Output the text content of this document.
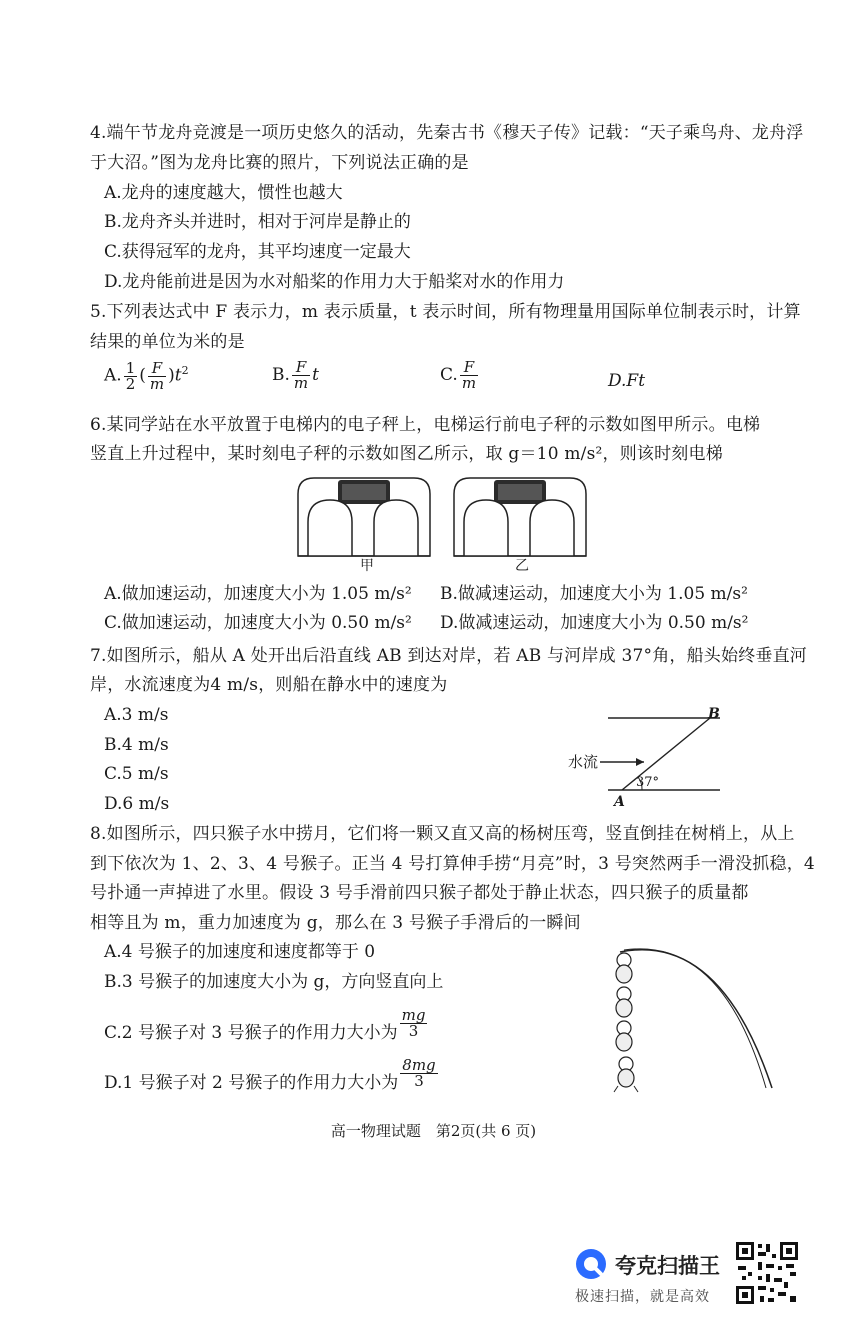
4.端午节龙舟竞渡是一项历史悠久的活动，先秦古书《穆天子传》记载：“天子乘鸟舟、龙舟浮
于大沼。”图为龙舟比赛的照片，下列说法正确的是
A.龙舟的速度越大，惯性也越大
B.龙舟齐头并进时，相对于河岸是静止的
C.获得冠军的龙舟，其平均速度一定最大
D.龙舟能前进是因为水对船桨的作用力大于船桨对水的作用力
5.下列表达式中 F 表示力，m 表示质量，t 表示时间，所有物理量用国际单位制表示时，计算
结果的单位为米的是
A. $\frac{1}{2}$ ( $\frac{F}{m} )t^2$	B. $\frac{F}{m}$ t	C. $\frac{F}{m}$	D.Ft
6.某同学站在水平放置于电梯内的电子秤上，电梯运行前电子秤的示数如图甲所示。电梯
竖直上升过程中，某时刻电子秤的示数如图乙所示，取 g＝10 m/s²，则该时刻电梯
甲	乙
A.做加速运动，加速度大小为 1.05 m/s² B.做减速运动，加速度大小为 1.05 m/s²
C.做加速运动，加速度大小为 0.50 m/s² D.做减速运动，加速度大小为 0.50 m/s²
7.如图所示，船从 A 处开出后沿直线 AB 到达对岸，若 AB 与河岸成 37°角，船头始终垂直河
岸，水流速度为4 m/s，则船在静水中的速度为
A.3 m/s
B.4 m/s
C.5 m/s
D.6 m/s
水流
37°
A
B
8.如图所示，四只猴子水中捞月，它们将一颗又直又高的杨树压弯，竖直倒挂在树梢上，从上
到下依次为 1、2、3、4 号猴子。正当 4 号打算伸手捞“月亮”时，3 号突然两手一滑没抓稳，4
号扑通一声掉进了水里。假设 3 号手滑前四只猴子都处于静止状态，四只猴子的质量都
相等且为 m，重力加速度为 g，那么在 3 号猴子手滑后的一瞬间
A.4 号猴子的加速度和速度都等于 0
B.3 号猴子的加速度大小为 g，方向竖直向上
C.2 号猴子对 3 号猴子的作用力大小为 $\frac{mg}{3}$
D.1 号猴子对 2 号猴子的作用力大小为 $\frac{8mg}{3}$
高一物理试题　第2页(共 6 页)
夸克扫描王
极速扫描，就是高效
